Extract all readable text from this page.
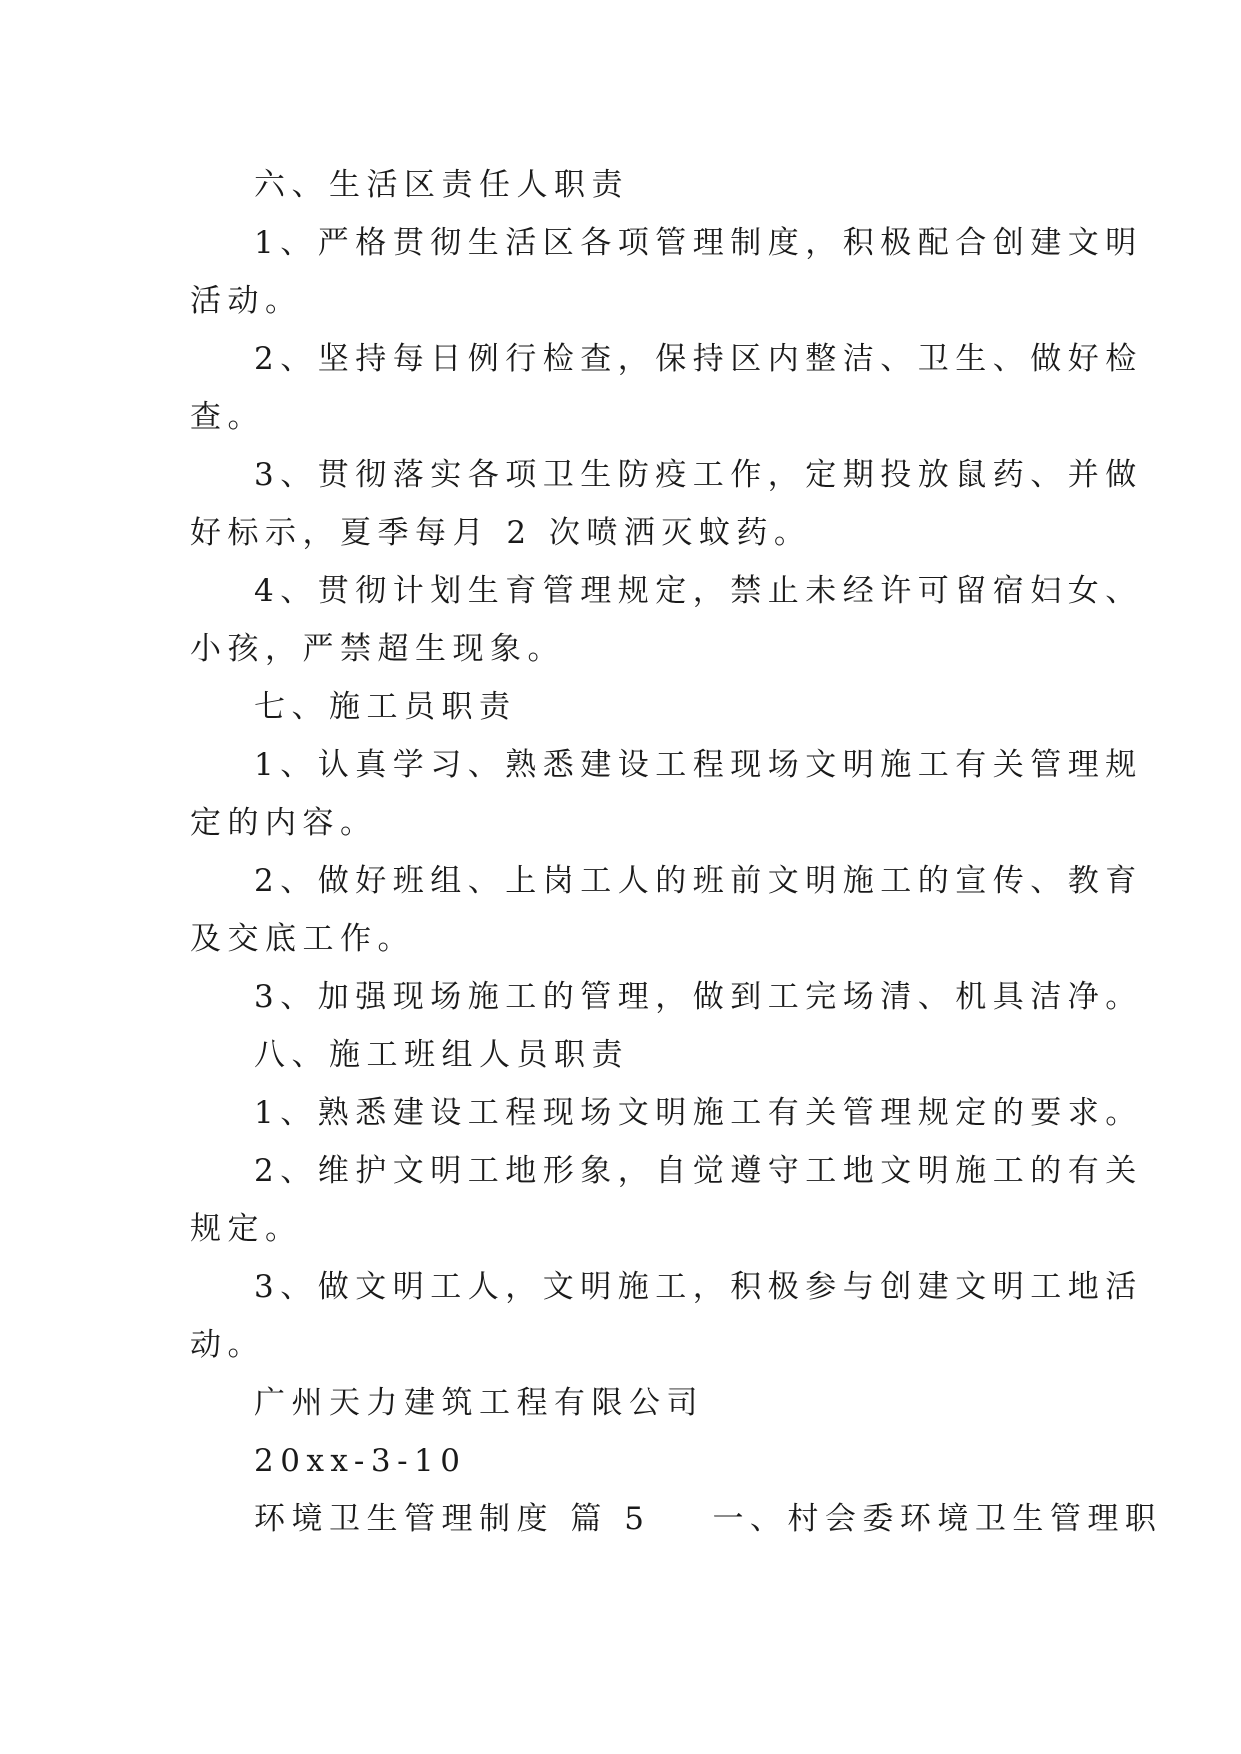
六、生活区责任人职责
1、严格贯彻生活区各项管理制度，积极配合创建文明
活动。
2、坚持每日例行检查，保持区内整洁、卫生、做好检
查。
3、贯彻落实各项卫生防疫工作，定期投放鼠药、并做
好标示，夏季每月 2 次喷洒灭蚊药。
4、贯彻计划生育管理规定，禁止未经许可留宿妇女、
小孩，严禁超生现象。
七、施工员职责
1、认真学习、熟悉建设工程现场文明施工有关管理规
定的内容。
2、做好班组、上岗工人的班前文明施工的宣传、教育
及交底工作。
3、加强现场施工的管理，做到工完场清、机具洁净。
八、施工班组人员职责
1、熟悉建设工程现场文明施工有关管理规定的要求。
2、维护文明工地形象，自觉遵守工地文明施工的有关
规定。
3、做文明工人，文明施工，积极参与创建文明工地活
动。
广州天力建筑工程有限公司
20xx-3-10
环境卫生管理制度 篇 5 一、村会委环境卫生管理职
